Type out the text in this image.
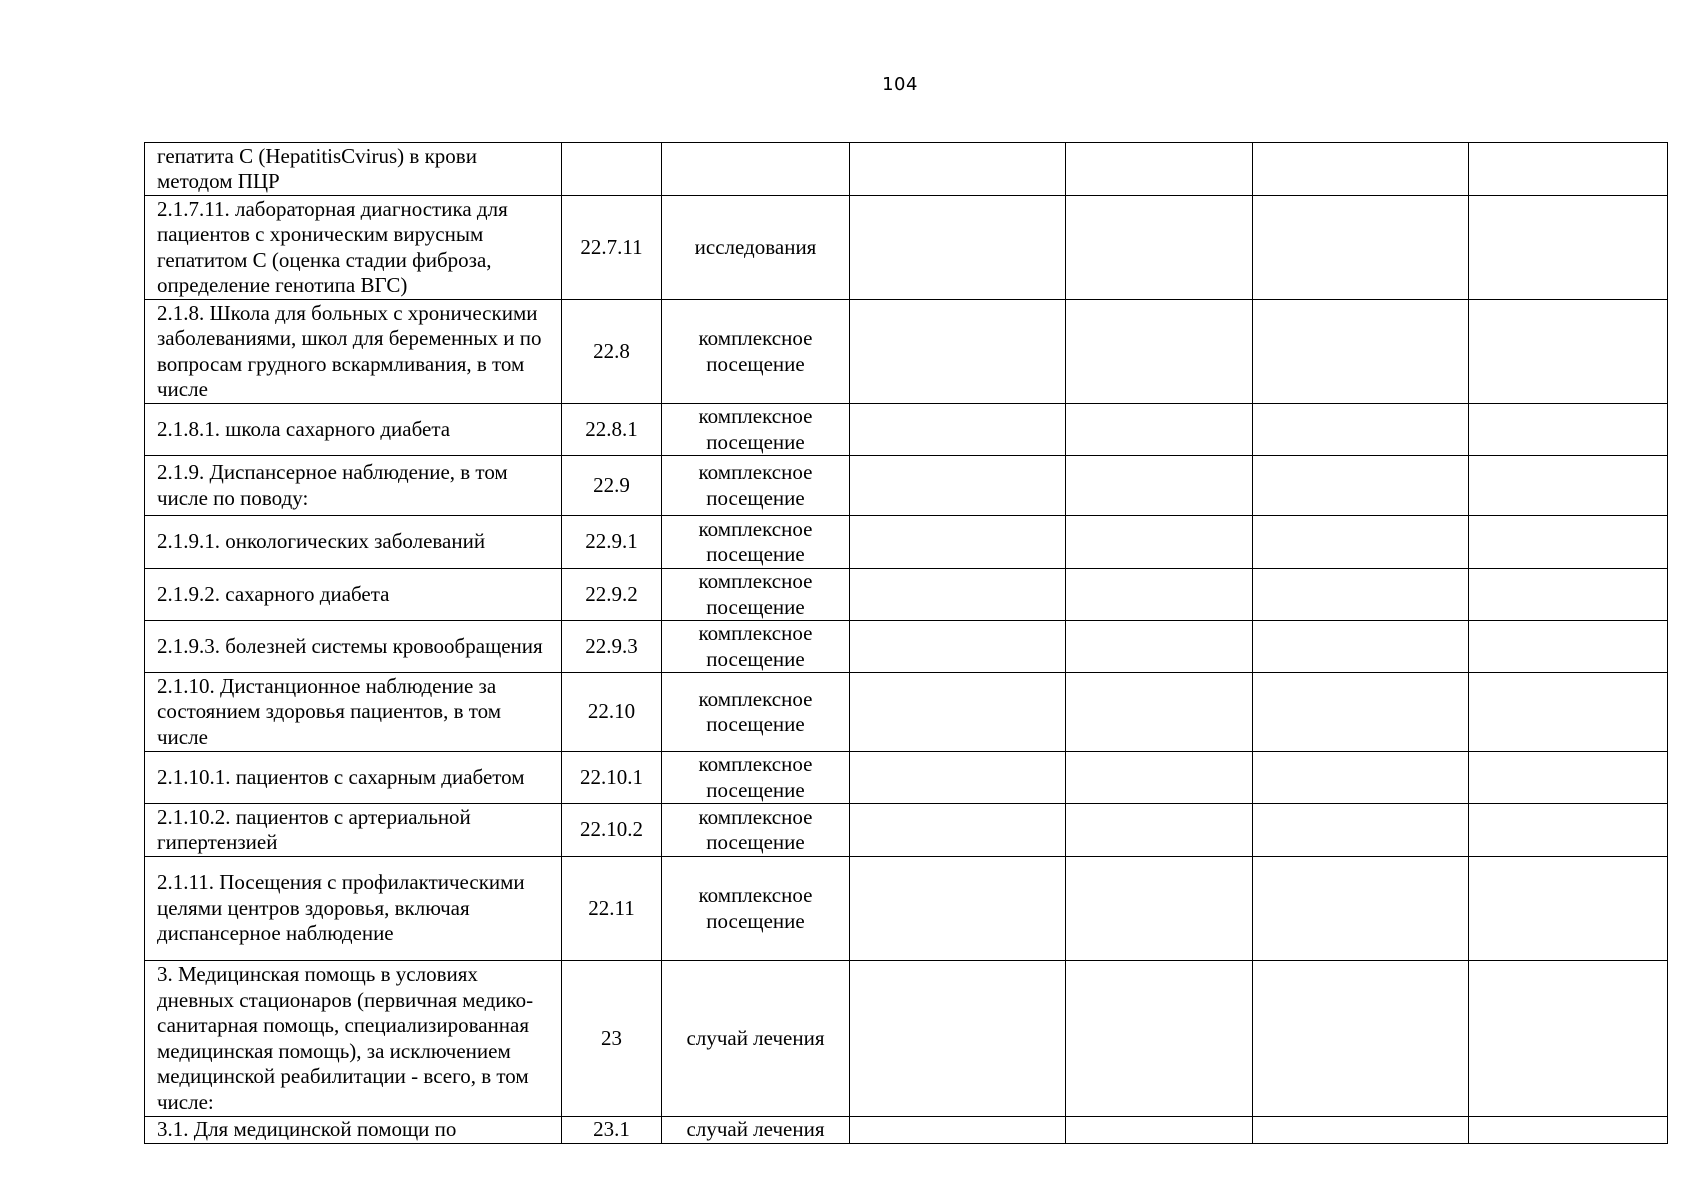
104
гепатита С (HepatitisCvirus) в крови методом ПЦР						
2.1.7.11. лабораторная диагностика для пациентов с хроническим вирусным гепатитом С (оценка стадии фиброза, определение генотипа ВГС)	22.7.11	исследования				
2.1.8. Школа для больных с хроническими заболеваниями, школ для беременных и по вопросам грудного вскармливания, в том числе	22.8	комплексное посещение				
2.1.8.1. школа сахарного диабета	22.8.1	комплексное посещение				
2.1.9. Диспансерное наблюдение, в том числе по поводу:	22.9	комплексное посещение				
2.1.9.1. онкологических заболеваний	22.9.1	комплексное посещение				
2.1.9.2. сахарного диабета	22.9.2	комплексное посещение				
2.1.9.3. болезней системы кровообращения	22.9.3	комплексное посещение				
2.1.10. Дистанционное наблюдение за состоянием здоровья пациентов, в том числе	22.10	комплексное посещение				
2.1.10.1. пациентов с сахарным диабетом	22.10.1	комплексное посещение				
2.1.10.2. пациентов с артериальной гипертензией	22.10.2	комплексное посещение				
2.1.11. Посещения с профилактическими целями центров здоровья, включая диспансерное наблюдение	22.11	комплексное посещение				
3. Медицинская помощь в условиях дневных стационаров (первичная медико-санитарная помощь, специализированная медицинская помощь), за исключением медицинской реабилитации - всего, в том числе:	23	случай лечения				
3.1. Для медицинской помощи по	23.1	случай лечения				
